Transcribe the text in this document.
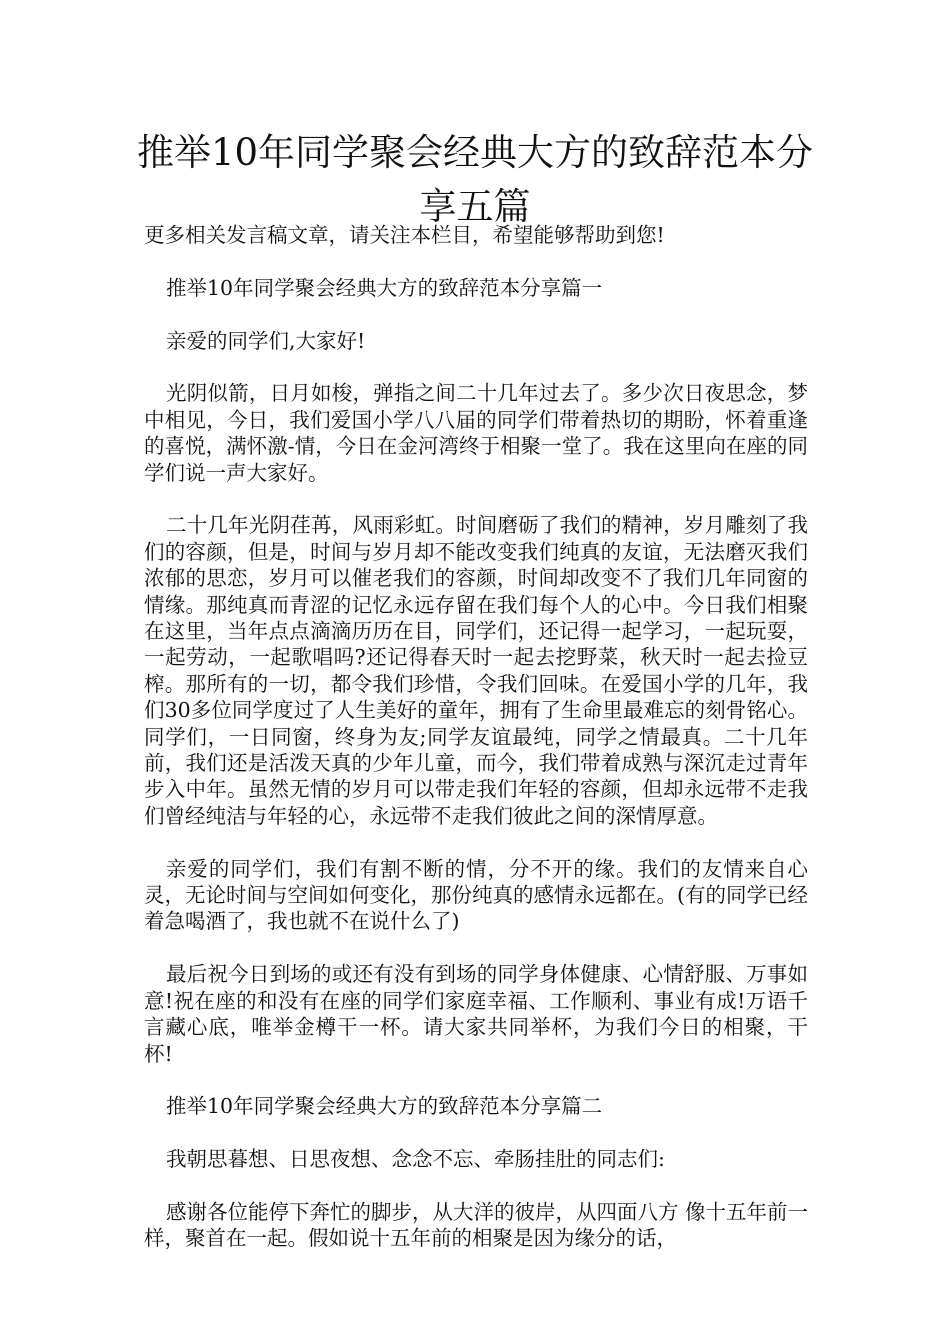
推举10年同学聚会经典大方的致辞范本分享五篇

更多相关发言稿文章，请关注本栏目，希望能够帮助到您!

推举10年同学聚会经典大方的致辞范本分享篇一

亲爱的同学们,大家好!

光阴似箭，日月如梭，弹指之间二十几年过去了。多少次日夜思念，梦中相见，今日，我们爱国小学八八届的同学们带着热切的期盼，怀着重逢的喜悦，满怀激-情，今日在金河湾终于相聚一堂了。我在这里向在座的同学们说一声大家好。

二十几年光阴荏苒，风雨彩虹。时间磨砺了我们的精神，岁月雕刻了我们的容颜，但是，时间与岁月却不能改变我们纯真的友谊，无法磨灭我们浓郁的思恋，岁月可以催老我们的容颜，时间却改变不了我们几年同窗的情缘。那纯真而青涩的记忆永远存留在我们每个人的心中。今日我们相聚在这里，当年点点滴滴历历在目，同学们，还记得一起学习，一起玩耍，一起劳动，一起歌唱吗?还记得春天时一起去挖野菜，秋天时一起去捡豆榨。那所有的一切，都令我们珍惜，令我们回味。在爱国小学的几年，我们30多位同学度过了人生美好的童年，拥有了生命里最难忘的刻骨铭心。 同学们，一日同窗，终身为友;同学友谊最纯，同学之情最真。二十几年前，我们还是活泼天真的少年儿童，而今，我们带着成熟与深沉走过青年步入中年。虽然无情的岁月可以带走我们年轻的容颜，但却永远带不走我们曾经纯洁与年轻的心，永远带不走我们彼此之间的深情厚意。

亲爱的同学们，我们有割不断的情，分不开的缘。我们的友情来自心灵，无论时间与空间如何变化，那份纯真的感情永远都在。(有的同学已经着急喝酒了，我也就不在说什么了)

最后祝今日到场的或还有没有到场的同学身体健康、心情舒服、万事如意!祝在座的和没有在座的同学们家庭幸福、工作顺利、事业有成!万语千言藏心底，唯举金樽干一杯。请大家共同举杯，为我们今日的相聚，干杯!

推举10年同学聚会经典大方的致辞范本分享篇二

我朝思暮想、日思夜想、念念不忘、牵肠挂肚的同志们:

感谢各位能停下奔忙的脚步，从大洋的彼岸，从四面八方 像十五年前一样，聚首在一起。假如说十五年前的相聚是因为缘分的话，
